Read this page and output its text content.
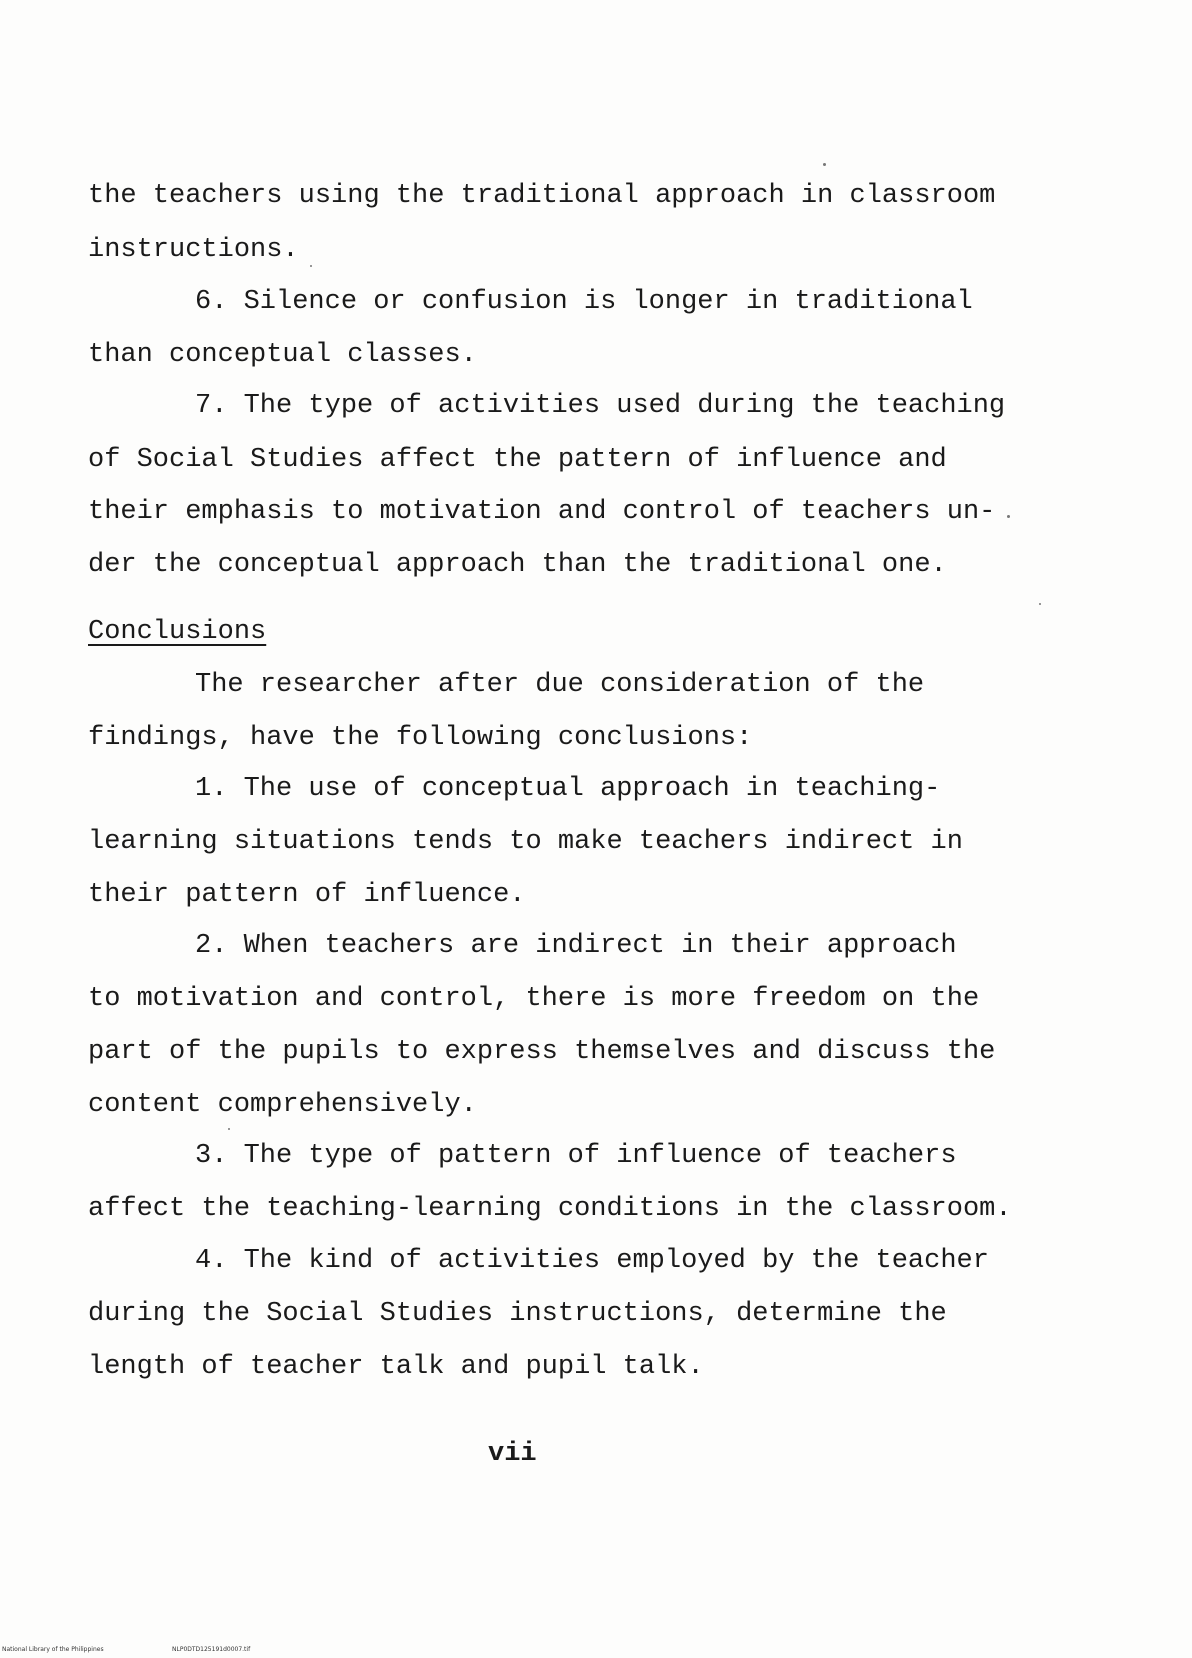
the teachers using the traditional approach in classroom
instructions.
6. Silence or confusion is longer in traditional
than conceptual classes.
7. The type of activities used during the teaching
of Social Studies affect the pattern of influence and
their emphasis to motivation and control of teachers un-
der the conceptual approach than the traditional one.
Conclusions
The researcher after due consideration of the
findings, have the following conclusions:
1. The use of conceptual approach in teaching-
learning situations tends to make teachers indirect in
their pattern of influence.
2. When teachers are indirect in their approach
to motivation and control, there is more freedom on the
part of the pupils to express themselves and discuss the
content comprehensively.
3. The type of pattern of influence of teachers
affect the teaching-learning conditions in the classroom.
4. The kind of activities employed by the teacher
during the Social Studies instructions, determine the
length of teacher talk and pupil talk.
vii
National Library of the Philippines	NLP0DTD125191d0007.tif
